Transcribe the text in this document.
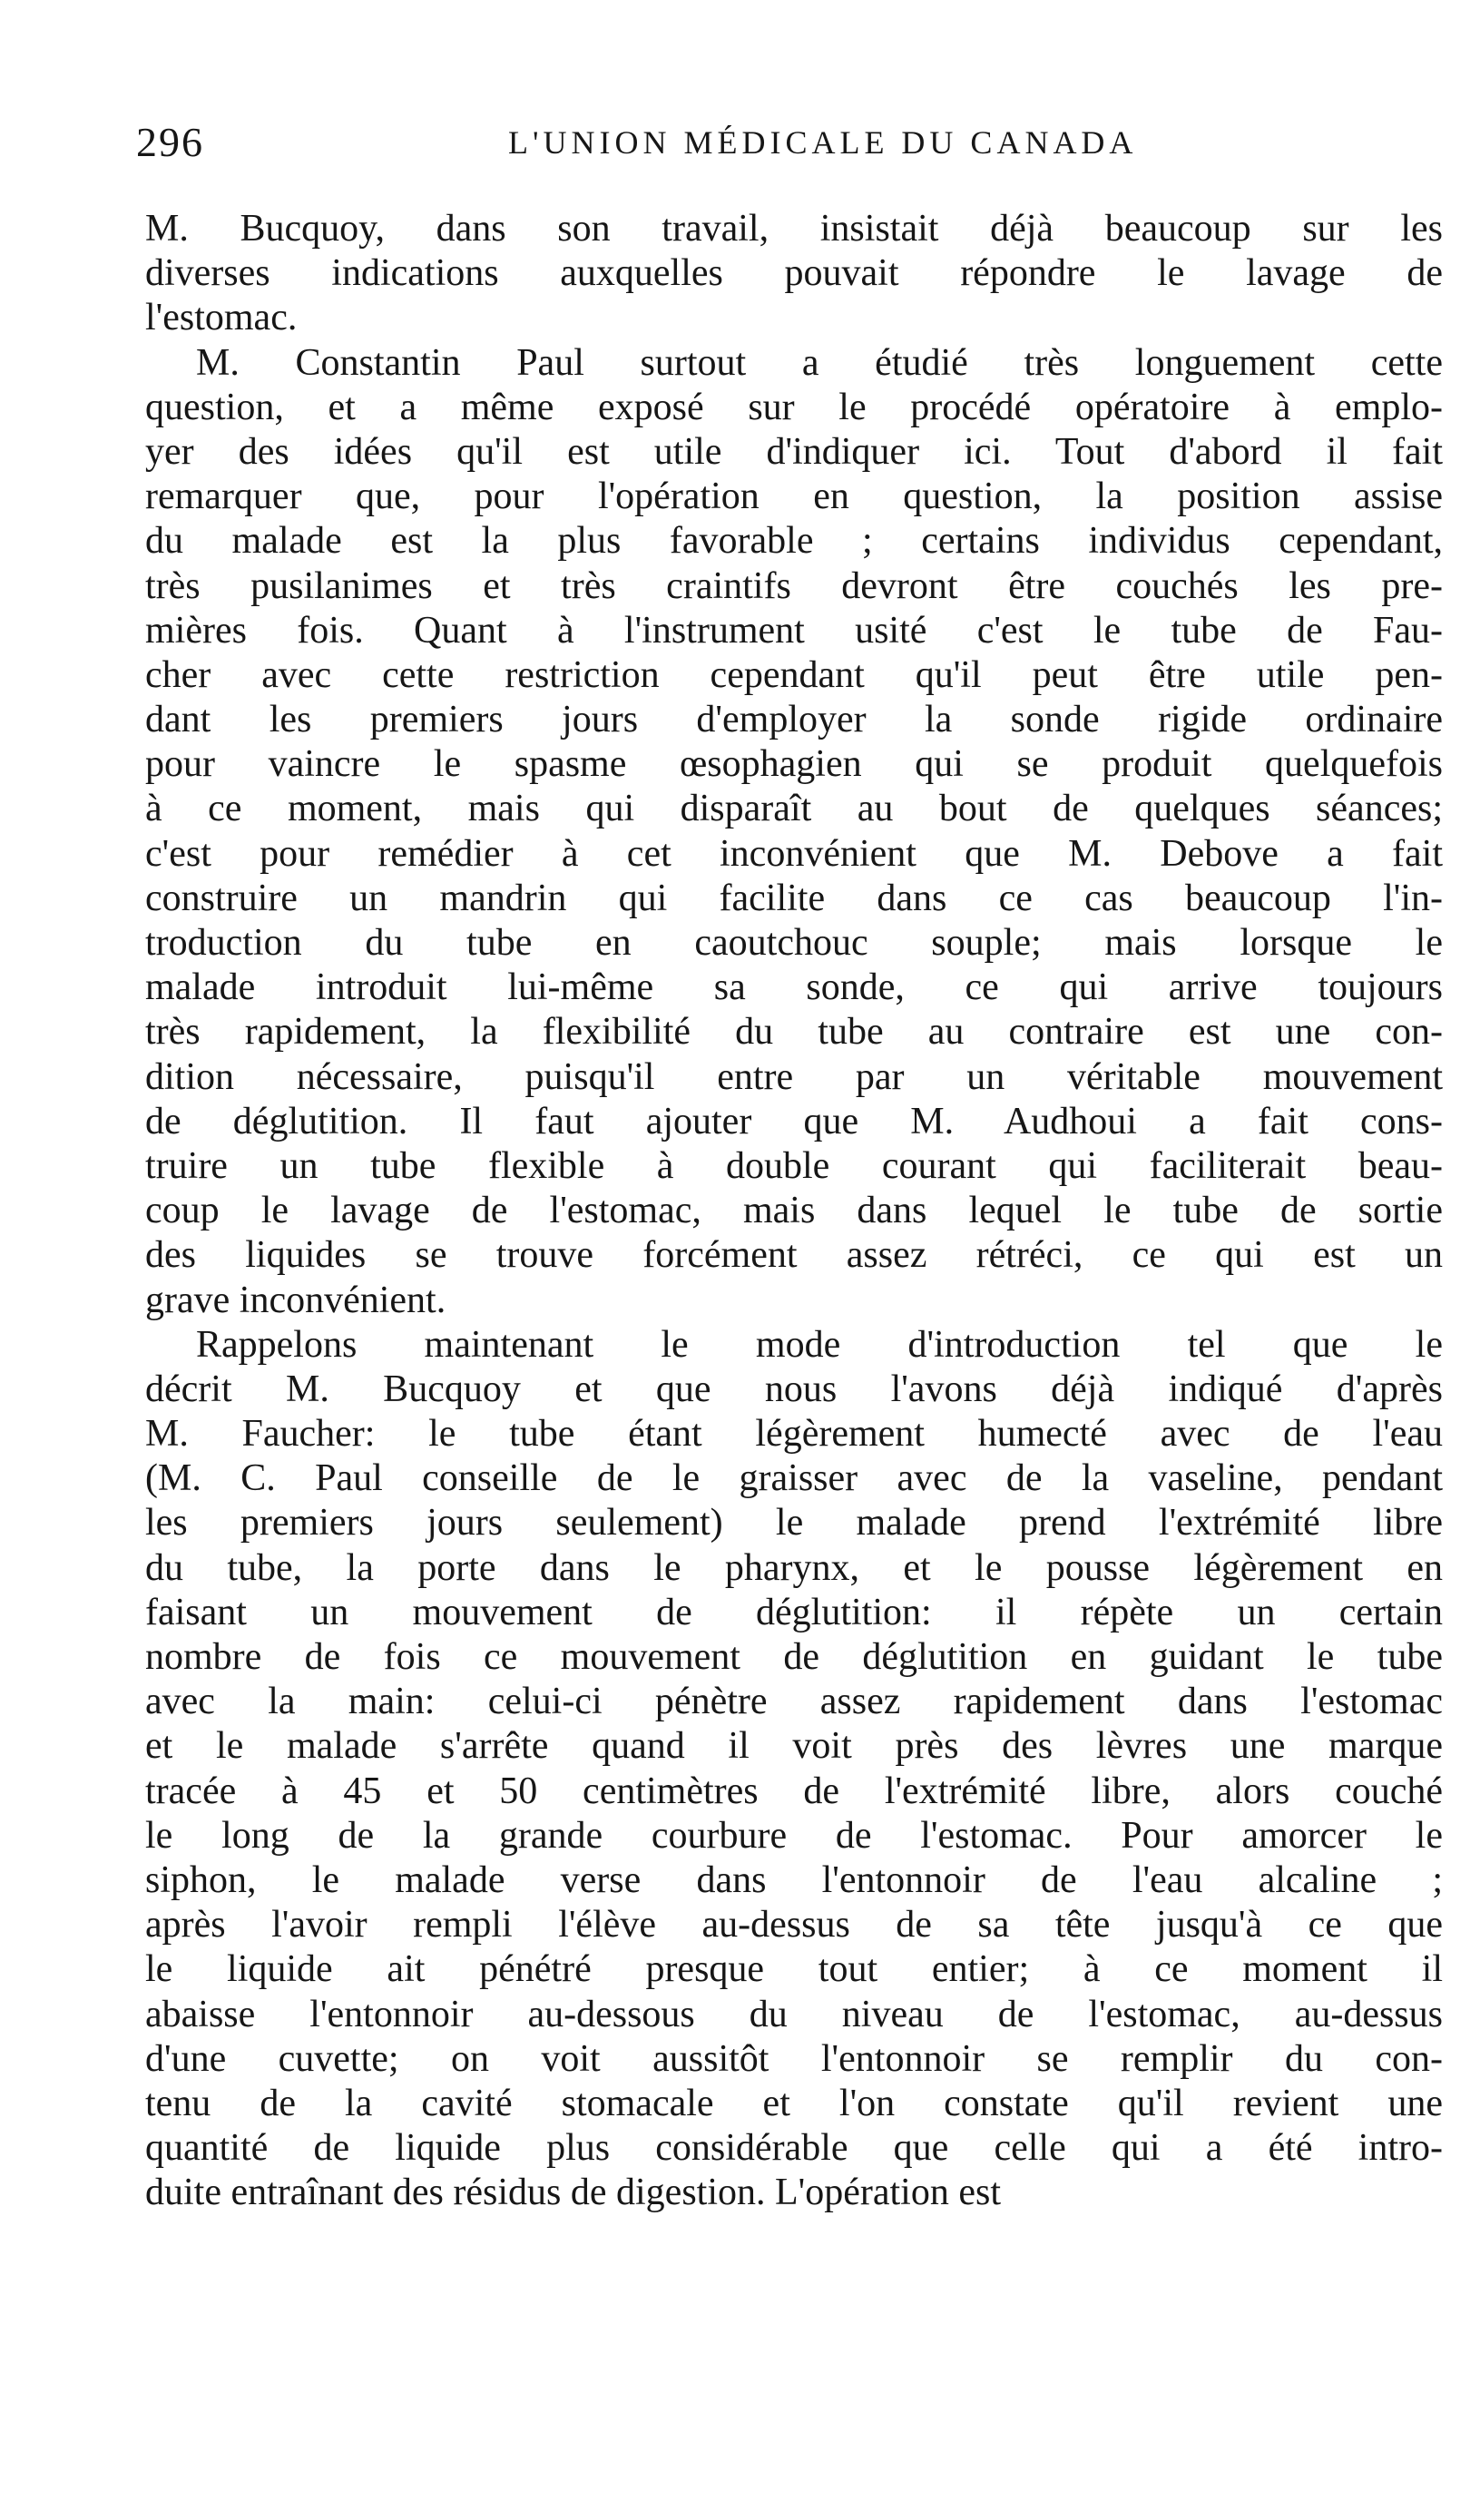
296	L'UNION MÉDICALE DU CANADA
M. Bucquoy, dans son travail, insistait déjà beaucoup sur les
diverses indications auxquelles pouvait répondre le lavage de
l'estomac.
M. Constantin Paul surtout a étudié très longuement cette
question, et a même exposé sur le procédé opératoire à emplo-
yer des idées qu'il est utile d'indiquer ici. Tout d'abord il fait
remarquer que, pour l'opération en question, la position assise
du malade est la plus favorable ; certains individus cependant,
très pusilanimes et très craintifs devront être couchés les pre-
mières fois. Quant à l'instrument usité c'est le tube de Fau-
cher avec cette restriction cependant qu'il peut être utile pen-
dant les premiers jours d'employer la sonde rigide ordinaire
pour vaincre le spasme œsophagien qui se produit quelquefois
à ce moment, mais qui disparaît au bout de quelques séances;
c'est pour remédier à cet inconvénient que M. Debove a fait
construire un mandrin qui facilite dans ce cas beaucoup l'in-
troduction du tube en caoutchouc souple; mais lorsque le
malade introduit lui-même sa sonde, ce qui arrive toujours
très rapidement, la flexibilité du tube au contraire est une con-
dition nécessaire, puisqu'il entre par un véritable mouvement
de déglutition. Il faut ajouter que M. Audhoui a fait cons-
truire un tube flexible à double courant qui faciliterait beau-
coup le lavage de l'estomac, mais dans lequel le tube de sortie
des liquides se trouve forcément assez rétréci, ce qui est un
grave inconvénient.
Rappelons maintenant le mode d'introduction tel que le
décrit M. Bucquoy et que nous l'avons déjà indiqué d'après
M. Faucher: le tube étant légèrement humecté avec de l'eau
(M. C. Paul conseille de le graisser avec de la vaseline, pendant
les premiers jours seulement) le malade prend l'extrémité libre
du tube, la porte dans le pharynx, et le pousse légèrement en
faisant un mouvement de déglutition: il répète un certain
nombre de fois ce mouvement de déglutition en guidant le tube
avec la main: celui-ci pénètre assez rapidement dans l'estomac
et le malade s'arrête quand il voit près des lèvres une marque
tracée à 45 et 50 centimètres de l'extrémité libre, alors couché
le long de la grande courbure de l'estomac. Pour amorcer le
siphon, le malade verse dans l'entonnoir de l'eau alcaline ;
après l'avoir rempli l'élève au-dessus de sa tête jusqu'à ce que
le liquide ait pénétré presque tout entier; à ce moment il
abaisse l'entonnoir au-dessous du niveau de l'estomac, au-dessus
d'une cuvette; on voit aussitôt l'entonnoir se remplir du con-
tenu de la cavité stomacale et l'on constate qu'il revient une
quantité de liquide plus considérable que celle qui a été intro-
duite entraînant des résidus de digestion. L'opération est
